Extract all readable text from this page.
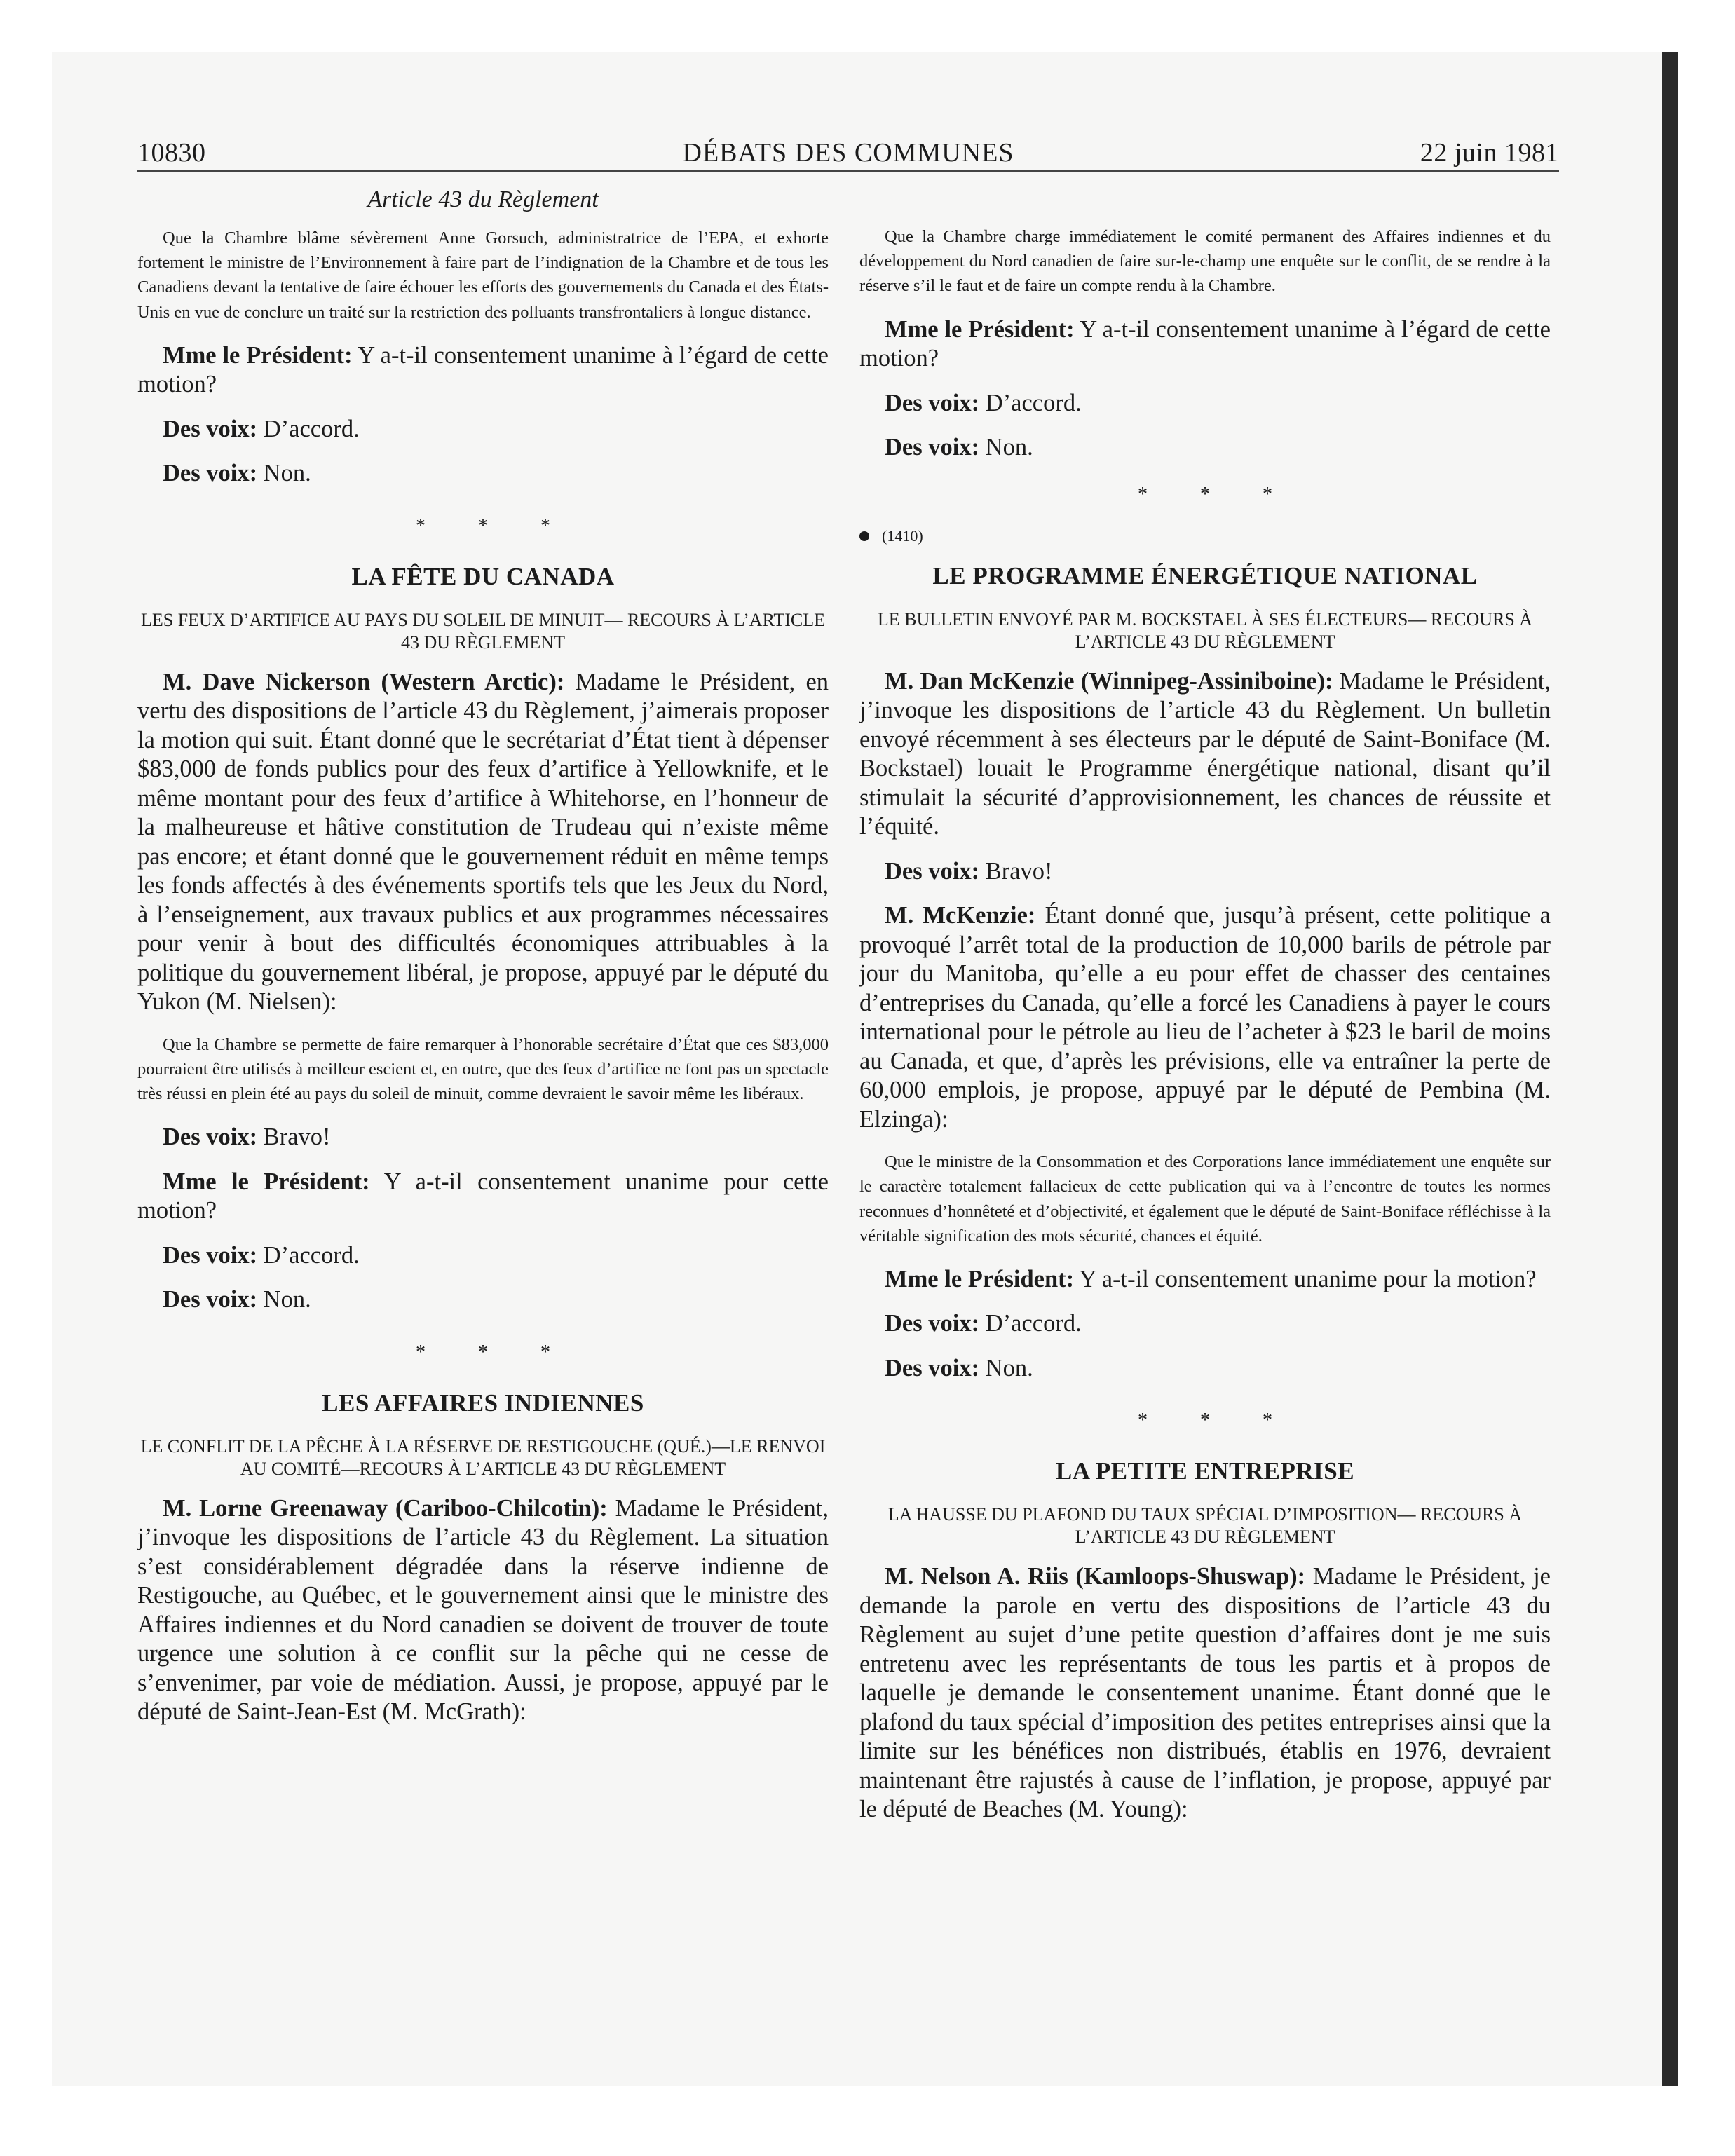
10830	DÉBATS DES COMMUNES	22 juin 1981

Article 43 du Règlement

Que la Chambre blâme sévèrement Anne Gorsuch, administratrice de l’EPA, et exhorte fortement le ministre de l’Environnement à faire part de l’indignation de la Chambre et de tous les Canadiens devant la tentative de faire échouer les efforts des gouvernements du Canada et des États-Unis en vue de conclure un traité sur la restriction des polluants transfrontaliers à longue distance.

Mme le Président: Y a-t-il consentement unanime à l’égard de cette motion?

Des voix: D’accord.

Des voix: Non.

* * *

LA FÊTE DU CANADA

LES FEUX D’ARTIFICE AU PAYS DU SOLEIL DE MINUIT— RECOURS À L’ARTICLE 43 DU RÈGLEMENT

M. Dave Nickerson (Western Arctic): Madame le Président, en vertu des dispositions de l’article 43 du Règlement, j’aimerais proposer la motion qui suit. Étant donné que le secrétariat d’État tient à dépenser $83,000 de fonds publics pour des feux d’artifice à Yellowknife, et le même montant pour des feux d’artifice à Whitehorse, en l’honneur de la malheureuse et hâtive constitution de Trudeau qui n’existe même pas encore; et étant donné que le gouvernement réduit en même temps les fonds affectés à des événements sportifs tels que les Jeux du Nord, à l’enseignement, aux travaux publics et aux programmes nécessaires pour venir à bout des difficultés économiques attribuables à la politique du gouvernement libéral, je propose, appuyé par le député du Yukon (M. Nielsen):

Que la Chambre se permette de faire remarquer à l’honorable secrétaire d’État que ces $83,000 pourraient être utilisés à meilleur escient et, en outre, que des feux d’artifice ne font pas un spectacle très réussi en plein été au pays du soleil de minuit, comme devraient le savoir même les libéraux.

Des voix: Bravo!

Mme le Président: Y a-t-il consentement unanime pour cette motion?

Des voix: D’accord.

Des voix: Non.

* * *

LES AFFAIRES INDIENNES

LE CONFLIT DE LA PÊCHE À LA RÉSERVE DE RESTIGOUCHE (QUÉ.)—LE RENVOI AU COMITÉ—RECOURS À L’ARTICLE 43 DU RÈGLEMENT

M. Lorne Greenaway (Cariboo-Chilcotin): Madame le Président, j’invoque les dispositions de l’article 43 du Règlement. La situation s’est considérablement dégradée dans la réserve indienne de Restigouche, au Québec, et le gouvernement ainsi que le ministre des Affaires indiennes et du Nord canadien se doivent de trouver de toute urgence une solution à ce conflit sur la pêche qui ne cesse de s’envenimer, par voie de médiation. Aussi, je propose, appuyé par le député de Saint-Jean-Est (M. McGrath):

Que la Chambre charge immédiatement le comité permanent des Affaires indiennes et du développement du Nord canadien de faire sur-le-champ une enquête sur le conflit, de se rendre à la réserve s’il le faut et de faire un compte rendu à la Chambre.

Mme le Président: Y a-t-il consentement unanime à l’égard de cette motion?

Des voix: D’accord.

Des voix: Non.

* * *

(1410)

LE PROGRAMME ÉNERGÉTIQUE NATIONAL

LE BULLETIN ENVOYÉ PAR M. BOCKSTAEL À SES ÉLECTEURS— RECOURS À L’ARTICLE 43 DU RÈGLEMENT

M. Dan McKenzie (Winnipeg-Assiniboine): Madame le Président, j’invoque les dispositions de l’article 43 du Règlement. Un bulletin envoyé récemment à ses électeurs par le député de Saint-Boniface (M. Bockstael) louait le Programme énergétique national, disant qu’il stimulait la sécurité d’approvisionnement, les chances de réussite et l’équité.

Des voix: Bravo!

M. McKenzie: Étant donné que, jusqu’à présent, cette politique a provoqué l’arrêt total de la production de 10,000 barils de pétrole par jour du Manitoba, qu’elle a eu pour effet de chasser des centaines d’entreprises du Canada, qu’elle a forcé les Canadiens à payer le cours international pour le pétrole au lieu de l’acheter à $23 le baril de moins au Canada, et que, d’après les prévisions, elle va entraîner la perte de 60,000 emplois, je propose, appuyé par le député de Pembina (M. Elzinga):

Que le ministre de la Consommation et des Corporations lance immédiatement une enquête sur le caractère totalement fallacieux de cette publication qui va à l’encontre de toutes les normes reconnues d’honnêteté et d’objectivité, et également que le député de Saint-Boniface réfléchisse à la véritable signification des mots sécurité, chances et équité.

Mme le Président: Y a-t-il consentement unanime pour la motion?

Des voix: D’accord.

Des voix: Non.

* * *

LA PETITE ENTREPRISE

LA HAUSSE DU PLAFOND DU TAUX SPÉCIAL D’IMPOSITION— RECOURS À L’ARTICLE 43 DU RÈGLEMENT

M. Nelson A. Riis (Kamloops-Shuswap): Madame le Président, je demande la parole en vertu des dispositions de l’article 43 du Règlement au sujet d’une petite question d’affaires dont je me suis entretenu avec les représentants de tous les partis et à propos de laquelle je demande le consentement unanime. Étant donné que le plafond du taux spécial d’imposition des petites entreprises ainsi que la limite sur les bénéfices non distribués, établis en 1976, devraient maintenant être rajustés à cause de l’inflation, je propose, appuyé par le député de Beaches (M. Young):
